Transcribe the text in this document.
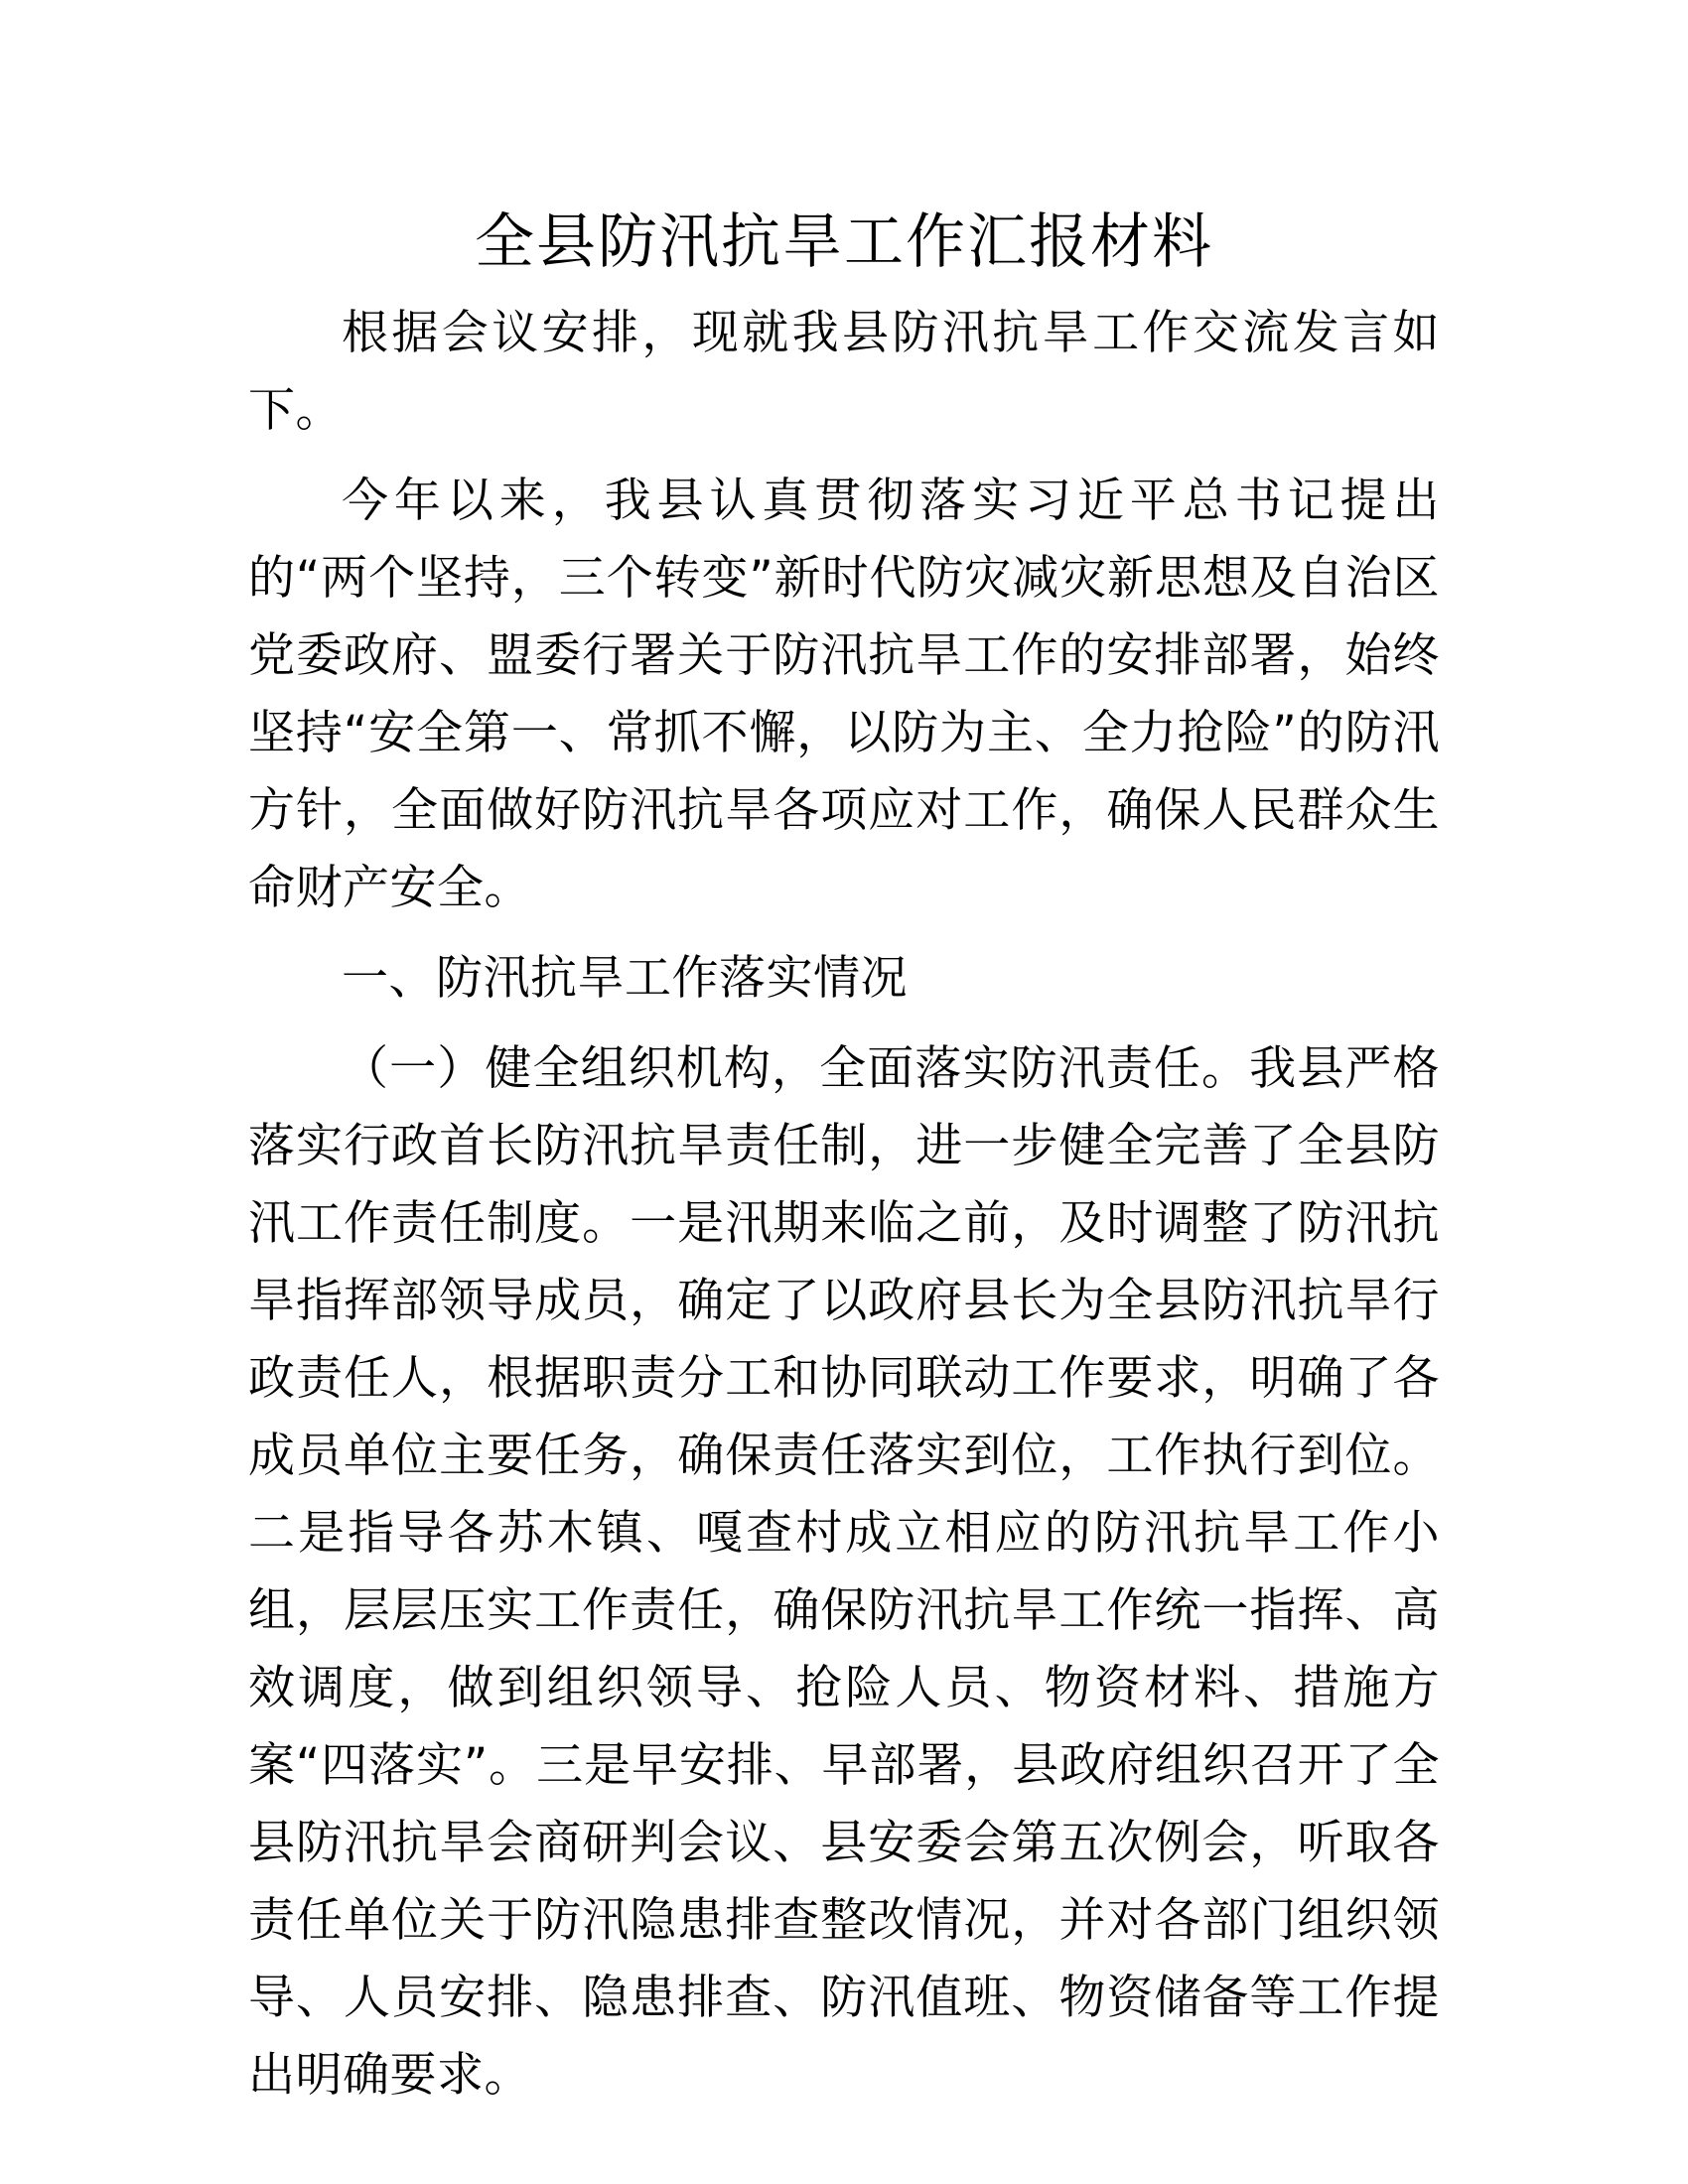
全县防汛抗旱工作汇报材料

根据会议安排，现就我县防汛抗旱工作交流发言如下。

今年以来，我县认真贯彻落实习近平总书记提出的“两个坚持，三个转变”新时代防灾减灾新思想及自治区党委政府、盟委行署关于防汛抗旱工作的安排部署，始终坚持“安全第一、常抓不懈，以防为主、全力抢险”的防汛方针，全面做好防汛抗旱各项应对工作，确保人民群众生命财产安全。

一、防汛抗旱工作落实情况

（一）健全组织机构，全面落实防汛责任。我县严格落实行政首长防汛抗旱责任制，进一步健全完善了全县防汛工作责任制度。一是汛期来临之前，及时调整了防汛抗旱指挥部领导成员，确定了以政府县长为全县防汛抗旱行政责任人，根据职责分工和协同联动工作要求，明确了各成员单位主要任务，确保责任落实到位，工作执行到位。二是指导各苏木镇、嘎查村成立相应的防汛抗旱工作小组，层层压实工作责任，确保防汛抗旱工作统一指挥、高效调度，做到组织领导、抢险人员、物资材料、措施方案“四落实”。三是早安排、早部署，县政府组织召开了全县防汛抗旱会商研判会议、县安委会第五次例会，听取各责任单位关于防汛隐患排查整改情况，并对各部门组织领导、人员安排、隐患排查、防汛值班、物资储备等工作提出明确要求。
